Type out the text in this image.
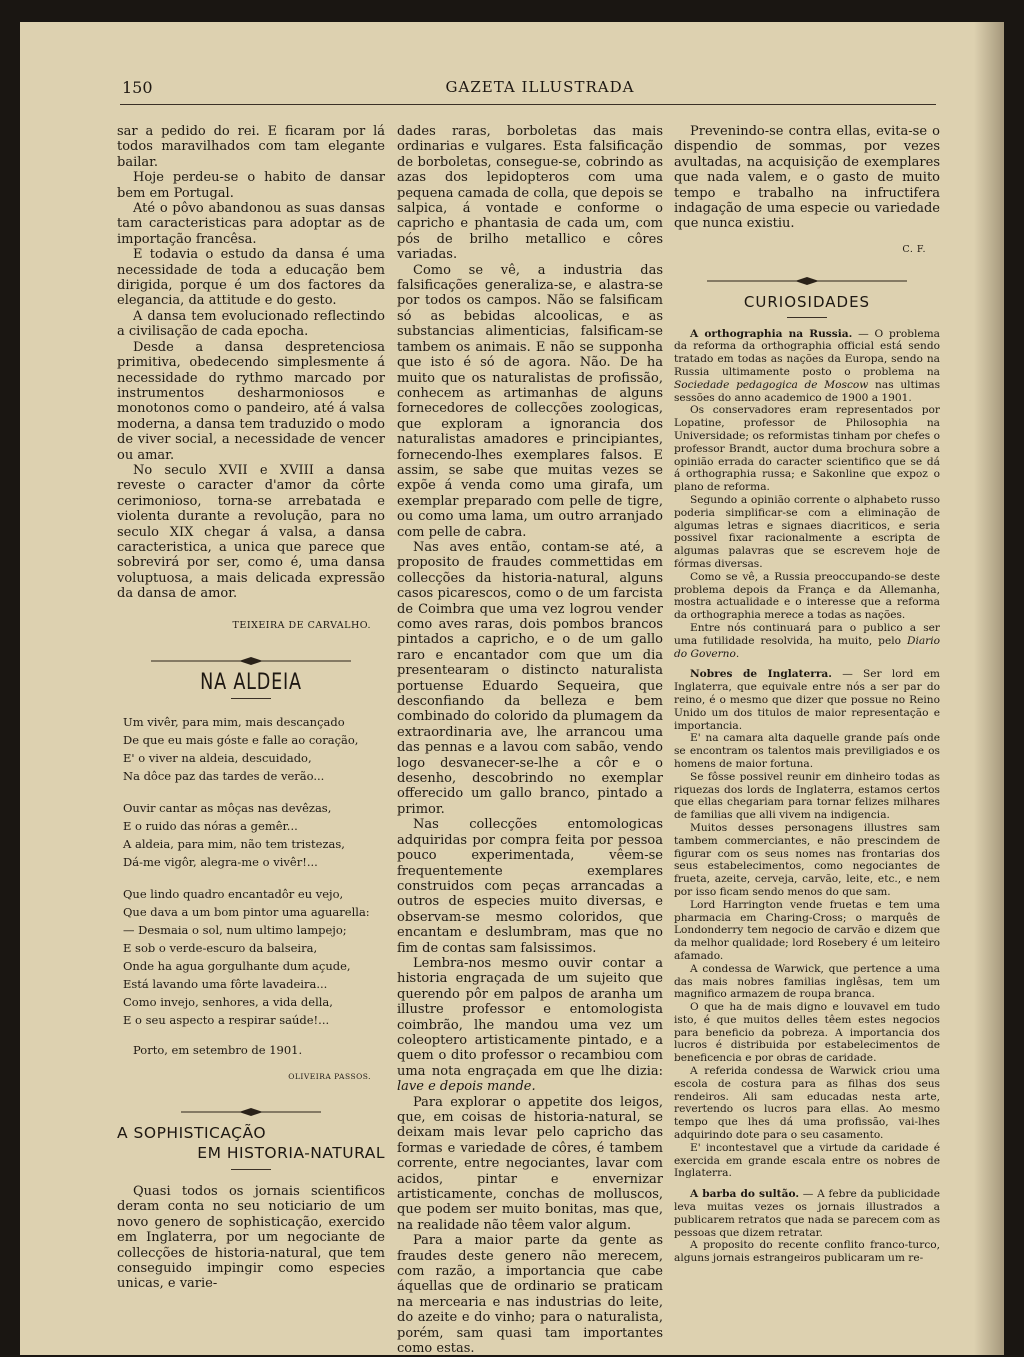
150	GAZETA ILLUSTRADA

sar a pedido do rei. E ficaram por lá todos maravilhados com tam elegante bailar.

Hoje perdeu-se o habito de dansar bem em Portugal.

Até o pôvo abandonou as suas dansas tam caracteristicas para adoptar as de importação francêsa.

E todavia o estudo da dansa é uma necessidade de toda a educação bem dirigida, porque é um dos factores da elegancia, da attitude e do gesto.

A dansa tem evolucionado reflectindo a civilisação de cada epocha.

Desde a dansa despretenciosa primitiva, obedecendo simplesmente á necessidade do rythmo marcado por instrumentos desharmoniosos e monotonos como o pandeiro, até á valsa moderna, a dansa tem traduzido o modo de viver social, a necessidade de vencer ou amar.

No seculo XVII e XVIII a dansa reveste o caracter d'amor da côrte cerimonioso, torna-se arrebatada e violenta durante a revolução, para no seculo XIX chegar á valsa, a dansa caracteristica, a unica que parece que sobrevirá por ser, como é, uma dansa voluptuosa, a mais delicada expressão da dansa de amor.

TEIXEIRA DE CARVALHO.
NA ALDEIA
Um vivêr, para mim, mais descançado
De que eu mais góste e falle ao coração,
E' o viver na aldeia, descuidado,
Na dôce paz das tardes de verão...
Ouvir cantar as môças nas devêzas,
E o ruido das nóras a gemêr...
A aldeia, para mim, não tem tristezas,
Dá-me vigôr, alegra-me o vivêr!...
Que lindo quadro encantadôr eu vejo,
Que dava a um bom pintor uma aguarella:
— Desmaia o sol, num ultimo lampejo;
E sob o verde-escuro da balseira,
Onde ha agua gorgulhante dum açude,
Está lavando uma fôrte lavadeira...
Como invejo, senhores, a vida della,
E o seu aspecto a respirar saúde!...
Porto, em setembro de 1901.
OLIVEIRA PASSOS.
A SOPHISTICAÇÃO
EM HISTORIA-NATURAL

Quasi todos os jornais scientificos deram conta no seu noticiario de um novo genero de sophisticação, exercido em Inglaterra, por um negociante de collecções de historia-natural, que tem conseguido impingir como especies unicas, e varie-

dades raras, borboletas das mais ordinarias e vulgares. Esta falsificação de borboletas, consegue-se, cobrindo as azas dos lepidopteros com uma pequena camada de colla, que depois se salpica, á vontade e conforme o capricho e phantasia de cada um, com pós de brilho metallico e côres variadas.

Como se vê, a industria das falsificações generaliza-se, e alastra-se por todos os campos. Não se falsificam só as bebidas alcoolicas, e as substancias alimenticias, falsificam-se tambem os animais. E não se supponha que isto é só de agora. Não. De ha muito que os naturalistas de profissão, conhecem as artimanhas de alguns fornecedores de collecções zoologicas, que exploram a ignorancia dos naturalistas amadores e principiantes, fornecendo-lhes exemplares falsos. E assim, se sabe que muitas vezes se expõe á venda como uma girafa, um exemplar preparado com pelle de tigre, ou como uma lama, um outro arranjado com pelle de cabra.

Nas aves então, contam-se até, a proposito de fraudes commettidas em collecções da historia-natural, alguns casos picarescos, como o de um farcista de Coimbra que uma vez logrou vender como aves raras, dois pombos brancos pintados a capricho, e o de um gallo raro e encantador com que um dia presentearam o distincto naturalista portuense Eduardo Sequeira, que desconfiando da belleza e bem combinado do colorido da plumagem da extraordinaria ave, lhe arrancou uma das pennas e a lavou com sabão, vendo logo desvanecer-se-lhe a côr e o desenho, descobrindo no exemplar offerecido um gallo branco, pintado a primor.

Nas collecções entomologicas adquiridas por compra feita por pessoa pouco experimentada, vêem-se frequentemente exemplares construidos com peças arrancadas a outros de especies muito diversas, e observam-se mesmo coloridos, que encantam e deslumbram, mas que no fim de contas sam falsissimos.

Lembra-nos mesmo ouvir contar a historia engraçada de um sujeito que querendo pôr em palpos de aranha um illustre professor e entomologista coimbrão, lhe mandou uma vez um coleoptero artisticamente pintado, e a quem o dito professor o recambiou com uma nota engraçada em que lhe dizia: lave e depois mande.

Para explorar o appetite dos leigos, que, em coisas de historia-natural, se deixam mais levar pelo capricho das formas e variedade de côres, é tambem corrente, entre negociantes, lavar com acidos, pintar e envernizar artisticamente, conchas de molluscos, que podem ser muito bonitas, mas que, na realidade não têem valor algum.

Para a maior parte da gente as fraudes deste genero não merecem, com razão, a importancia que cabe áquellas que de ordinario se praticam na mercearia e nas industrias do leite, do azeite e do vinho; para o naturalista, porém, sam quasi tam importantes como estas.

Prevenindo-se contra ellas, evita-se o dispendio de sommas, por vezes avultadas, na acquisição de exemplares que nada valem, e o gasto de muito tempo e trabalho na infructifera indagação de uma especie ou variedade que nunca existiu.

C. F.
CURIOSIDADES

A orthographia na Russia. — O problema da reforma da orthographia official está sendo tratado em todas as nações da Europa, sendo na Russia ultimamente posto o problema na Sociedade pedagogica de Moscow nas ultimas sessões do anno academico de 1900 a 1901.

Os conservadores eram representados por Lopatine, professor de Philosophia na Universidade; os reformistas tinham por chefes o professor Brandt, auctor duma brochura sobre a opinião errada do caracter scientifico que se dá á orthographia russa; e Sakonline que expoz o plano de reforma.

Segundo a opinião corrente o alphabeto russo poderia simplificar-se com a eliminação de algumas letras e signaes diacriticos, e seria possivel fixar racionalmente a escripta de algumas palavras que se escrevem hoje de fórmas diversas.

Como se vê, a Russia preoccupando-se deste problema depois da França e da Allemanha, mostra actualidade e o interesse que a reforma da orthographia merece a todas as nações.

Entre nós continuará para o publico a ser uma futilidade resolvida, ha muito, pelo Diario do Governo.

Nobres de Inglaterra. — Ser lord em Inglaterra, que equivale entre nós a ser par do reino, é o mesmo que dizer que possue no Reino Unido um dos titulos de maior representação e importancia.

E' na camara alta daquelle grande país onde se encontram os talentos mais previligiados e os homens de maior fortuna.

Se fôsse possivel reunir em dinheiro todas as riquezas dos lords de Inglaterra, estamos certos que ellas chegariam para tornar felizes milhares de familias que alli vivem na indigencia.

Muitos desses personagens illustres sam tambem commerciantes, e não prescindem de figurar com os seus nomes nas frontarias dos seus estabelecimentos, como negociantes de frueta, azeite, cerveja, carvão, leite, etc., e nem por isso ficam sendo menos do que sam.

Lord Harrington vende fruetas e tem uma pharmacia em Charing-Cross; o marquês de Londonderry tem negocio de carvão e dizem que da melhor qualidade; lord Rosebery é um leiteiro afamado.

A condessa de Warwick, que pertence a uma das mais nobres familias inglêsas, tem um magnifico armazem de roupa branca.

O que ha de mais digno e louvavel em tudo isto, é que muitos delles têem estes negocios para beneficio da pobreza. A importancia dos lucros é distribuida por estabelecimentos de beneficencia e por obras de caridade.

A referida condessa de Warwick criou uma escola de costura para as filhas dos seus rendeiros. Ali sam educadas nesta arte, revertendo os lucros para ellas. Ao mesmo tempo que lhes dá uma profissão, vai-lhes adquirindo dote para o seu casamento.

E' incontestavel que a virtude da caridade é exercida em grande escala entre os nobres de Inglaterra.

A barba do sultão. — A febre da publicidade leva muitas vezes os jornais illustrados a publicarem retratos que nada se parecem com as pessoas que dizem retratar.

A proposito do recente conflito franco-turco, alguns jornais estrangeiros publicaram um re-
